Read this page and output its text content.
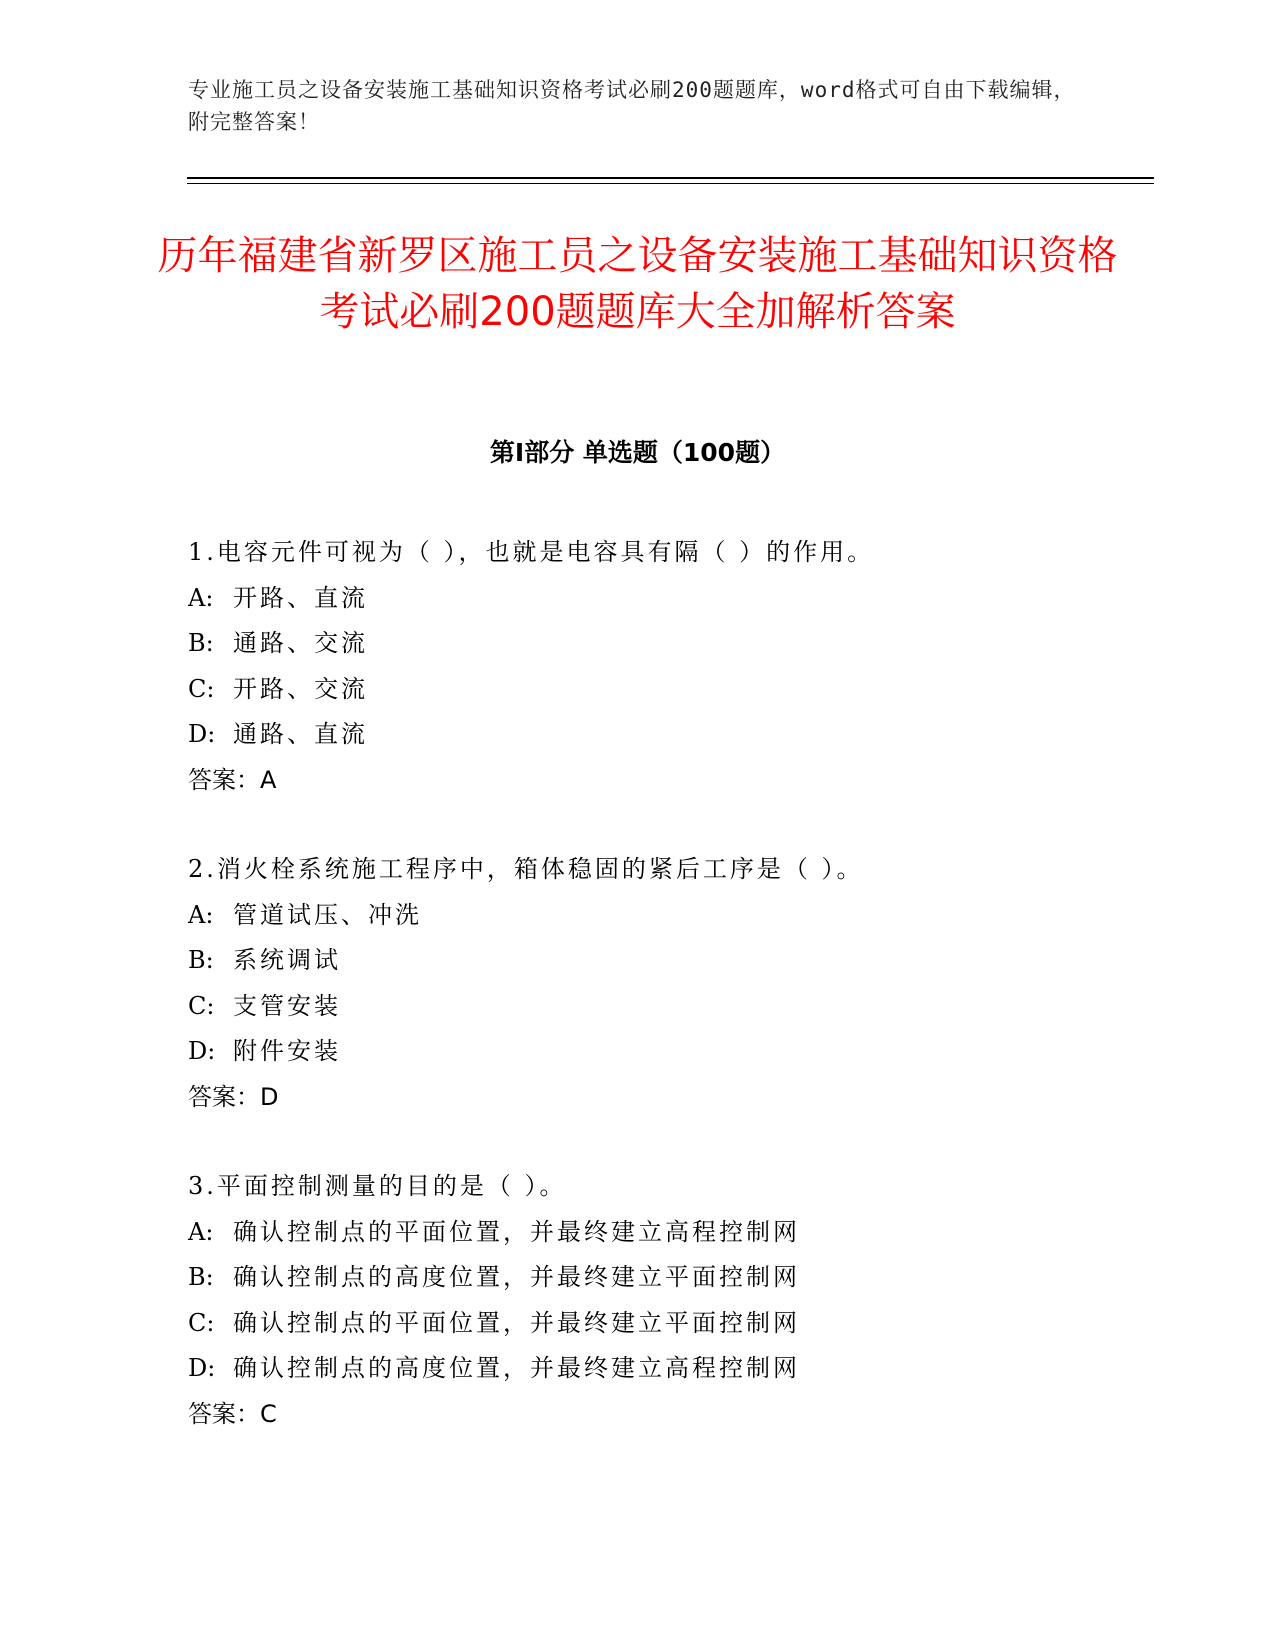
专业施工员之设备安装施工基础知识资格考试必刷200题题库，word格式可自由下载编辑，附完整答案！
历年福建省新罗区施工员之设备安装施工基础知识资格考试必刷200题题库大全加解析答案
第I部分 单选题（100题）
1.电容元件可视为（ ），也就是电容具有隔（ ）的作用。
A: 开路、直流
B: 通路、交流
C: 开路、交流
D: 通路、直流
答案：A
2.消火栓系统施工程序中，箱体稳固的紧后工序是（ ）。
A: 管道试压、冲洗
B: 系统调试
C: 支管安装
D: 附件安装
答案：D
3.平面控制测量的目的是（ ）。
A: 确认控制点的平面位置，并最终建立高程控制网
B: 确认控制点的高度位置，并最终建立平面控制网
C: 确认控制点的平面位置，并最终建立平面控制网
D: 确认控制点的高度位置，并最终建立高程控制网
答案：C
